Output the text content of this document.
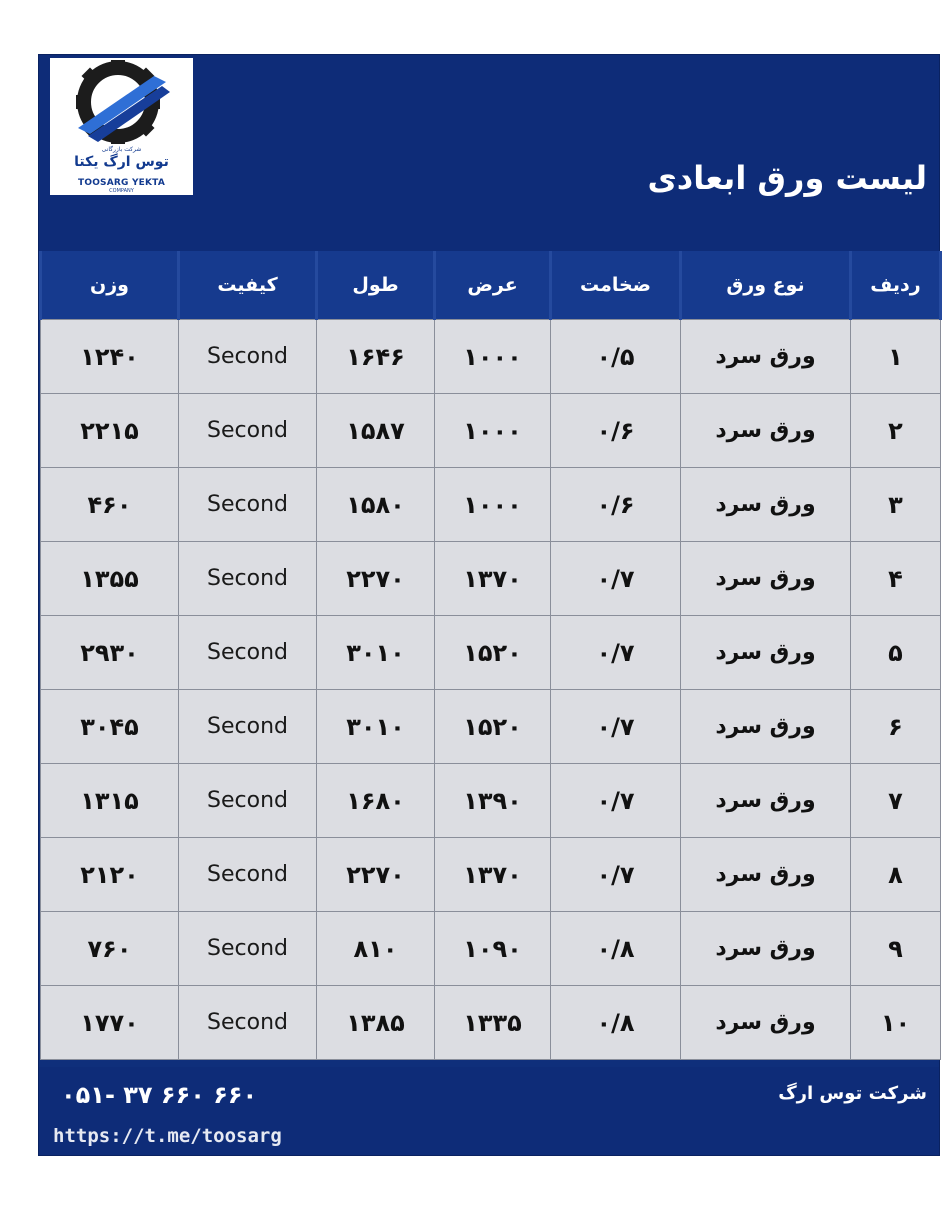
شرکت بازرگانی
توس ارگ یکتا
TOOSARG YEKTA
COMPANY	لیست ورق ابعادی
ردیف	نوع ورق	ضخامت	عرض	طول	کیفیت	وزن
۱	ورق سرد	۰/۵	۱۰۰۰	۱۶۴۶	Second	۱۲۴۰
۲	ورق سرد	۰/۶	۱۰۰۰	۱۵۸۷	Second	۲۲۱۵
۳	ورق سرد	۰/۶	۱۰۰۰	۱۵۸۰	Second	۴۶۰
۴	ورق سرد	۰/۷	۱۳۷۰	۲۲۷۰	Second	۱۳۵۵
۵	ورق سرد	۰/۷	۱۵۲۰	۳۰۱۰	Second	۲۹۳۰
۶	ورق سرد	۰/۷	۱۵۲۰	۳۰۱۰	Second	۳۰۴۵
۷	ورق سرد	۰/۷	۱۳۹۰	۱۶۸۰	Second	۱۳۱۵
۸	ورق سرد	۰/۷	۱۳۷۰	۲۲۷۰	Second	۲۱۲۰
۹	ورق سرد	۰/۸	۱۰۹۰	۸۱۰	Second	۷۶۰
۱۰	ورق سرد	۰/۸	۱۳۳۵	۱۳۸۵	Second	۱۷۷۰
شرکت توس ارگ
۰۵۱- ۳۷ ۶۶۰ ۶۶۰
https://t.me/toosarg
